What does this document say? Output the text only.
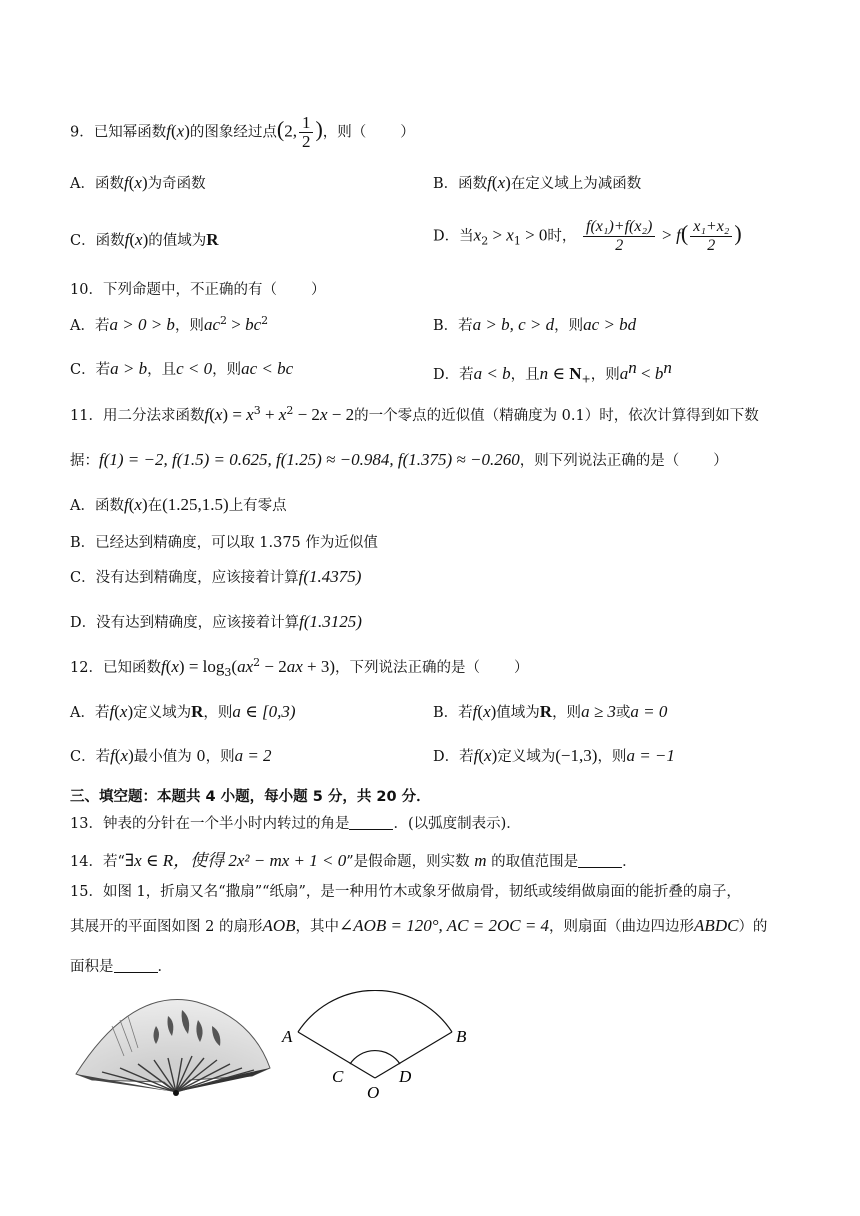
9．已知幂函数f(x)的图象经过点(2, $\frac{1}{2}$ )，则（ ）
A．函数f(x)为奇函数	B．函数f(x)在定义域上为减函数
C．函数f(x)的值域为R	D．当$x_2 > x_1 > 0$时， $\frac{\text{f(x₁)+f(x₂)}}{2} > f( \frac{\text{x₁+x₂}}{2}$ )
10．下列命题中，不正确的有（ ）
A．若a > 0 > b，则$ac^2 > bc^2$	B．若a > b, c > d，则ac > bd
C．若a > b，且c < 0，则ac < bc	D．若a < b，且n ∈ $N_+$，则$a^n < b^n$
11．用二分法求函数$f(x) = x^3 + x^2 - 2x - 2$的一个零点的近似值（精确度为 0.1）时，依次计算得到如下数
据：f(1) = −2, f(1.5) = 0.625, f(1.25) ≈ −0.984, f(1.375) ≈ −0.260，则下列说法正确的是（ ）
A．函数f(x)在(1.25,1.5)上有零点
B．已经达到精确度，可以取 1.375 作为近似值
C．没有达到精确度，应该接着计算f(1.4375)
D．没有达到精确度，应该接着计算f(1.3125)
12．已知函数$f(x) = \log_3(ax^2 - 2ax + 3)$，下列说法正确的是（ ）
A．若f(x)定义域为R，则a ∈ [0,3)	B．若f(x)值域为R，则a ≥ 3或a = 0
C．若f(x)最小值为 0，则a = 2	D．若f(x)定义域为(−1,3)，则a = −1
三、填空题：本题共 4 小题，每小题 5 分，共 20 分．
13．钟表的分针在一个半小时内转过的角是	．(以弧度制表示)．
14．若“∃x ∈ R，使得 2x² − mx + 1 < 0”是假命题，则实数 m 的取值范围是	．
15．如图 1，折扇又名“撒扇”“纸扇”，是一种用竹木或象牙做扇骨，韧纸或绫绢做扇面的能折叠的扇子，
其展开的平面图如图 2 的扇形AOB，其中∠AOB = 120°, AC = 2OC = 4，则扇面（曲边四边形ABDC）的
面积是	．
A	B
C	D
O
